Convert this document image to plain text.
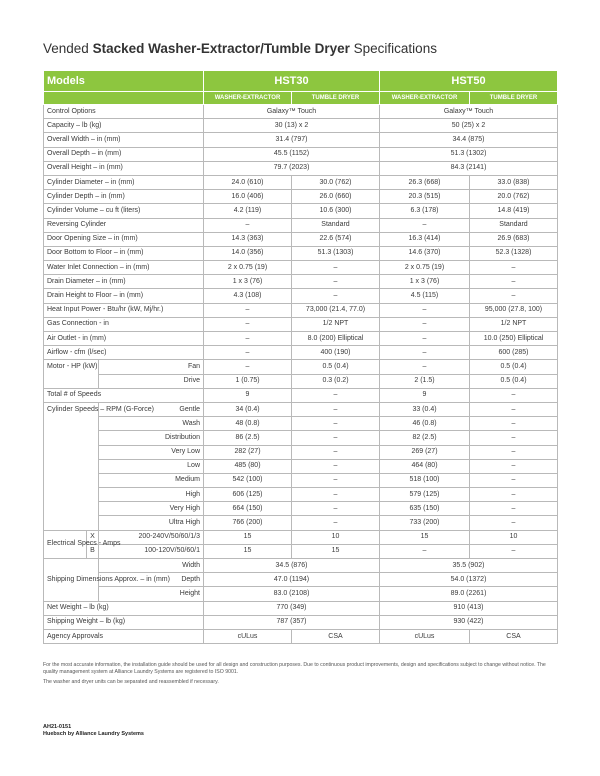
Vended Stacked Washer-Extractor/Tumble Dryer Specifications
Models			HST30		HST50	
			WASHER-EXTRACTOR	TUMBLE DRYER	WASHER-EXTRACTOR	TUMBLE DRYER
Control Options			Galaxy™ Touch		Galaxy™ Touch	
Capacity – lb (kg)			30 (13) x 2		50 (25) x 2	
Overall Width – in (mm)			31.4 (797)		34.4 (875)	
Overall Depth – in (mm)			45.5 (1152)		51.3 (1302)	
Overall Height – in (mm)			79.7 (2023)		84.3 (2141)	
Cylinder Diameter – in (mm)			24.0 (610)	30.0 (762)	26.3 (668)	33.0 (838)
Cylinder Depth – in (mm)			16.0 (406)	26.0 (660)	20.3 (515)	20.0 (762)
Cylinder Volume – cu ft (liters)			4.2 (119)	10.6 (300)	6.3 (178)	14.8 (419)
Reversing Cylinder			–	Standard	–	Standard
Door Opening Size – in (mm)			14.3 (363)	22.6 (574)	16.3 (414)	26.9 (683)
Door Bottom to Floor – in (mm)			14.0 (356)	51.3 (1303)	14.6 (370)	52.3 (1328)
Water Inlet Connection – in (mm)			2 x 0.75 (19)	–	2 x 0.75 (19)	–
Drain Diameter – in (mm)			1 x 3 (76)	–	1 x 3 (76)	–
Drain Height to Floor – in (mm)			4.3 (108)	–	4.5 (115)	–
Heat Input Power - Btu/hr (kW, Mj/hr.)			–	73,000 (21.4, 77.0)	–	95,000 (27.8, 100)
Gas Connection - in			–	1/2 NPT	–	1/2 NPT
Air Outlet - in (mm)			–	8.0 (200) Elliptical	–	10.0 (250) Elliptical
Airflow - cfm (l/sec)			–	400 (190)	–	600 (285)
Motor - HP (kW)		Fan	–	0.5 (0.4)	–	0.5 (0.4)
		Drive	1 (0.75)	0.3 (0.2)	2 (1.5)	0.5 (0.4)
Total # of Speeds			9	–	9	–
Cylinder Speeds – RPM (G-Force)		Gentle	34 (0.4)	–	33 (0.4)	–
		Wash	48 (0.8)	–	46 (0.8)	–
		Distribution	86 (2.5)	–	82 (2.5)	–
		Very Low	282 (27)	–	269 (27)	–
		Low	485 (80)	–	464 (80)	–
		Medium	542 (100)	–	518 (100)	–
		High	606 (125)	–	579 (125)	–
		Very High	664 (150)	–	635 (150)	–
		Ultra High	766 (200)	–	733 (200)	–
Electrical Specs - Amps	X	200-240V/50/60/1/3	15	10	15	10
	B	100-120V/50/60/1	15	15	–	–
Shipping Dimensions Approx. – in (mm)		Width	34.5 (876)		35.5 (902)	
		Depth	47.0 (1194)		54.0 (1372)	
		Height	83.0 (2108)		89.0 (2261)	
Net Weight – lb (kg)			770 (349)		910 (413)	
Shipping Weight – lb (kg)			787 (357)		930 (422)	
Agency Approvals			cULus	CSA	cULus	CSA

For the most accurate information, the installation guide should be used for all design and construction purposes. Due to continuous product improvements, design and specifications subject to change without notice. The quality management system at Alliance Laundry Systems are registered to ISO 9001.

The washer and dryer units can be separated and reassembled if necessary.

AH21-0151
Huebsch by Alliance Laundry Systems
